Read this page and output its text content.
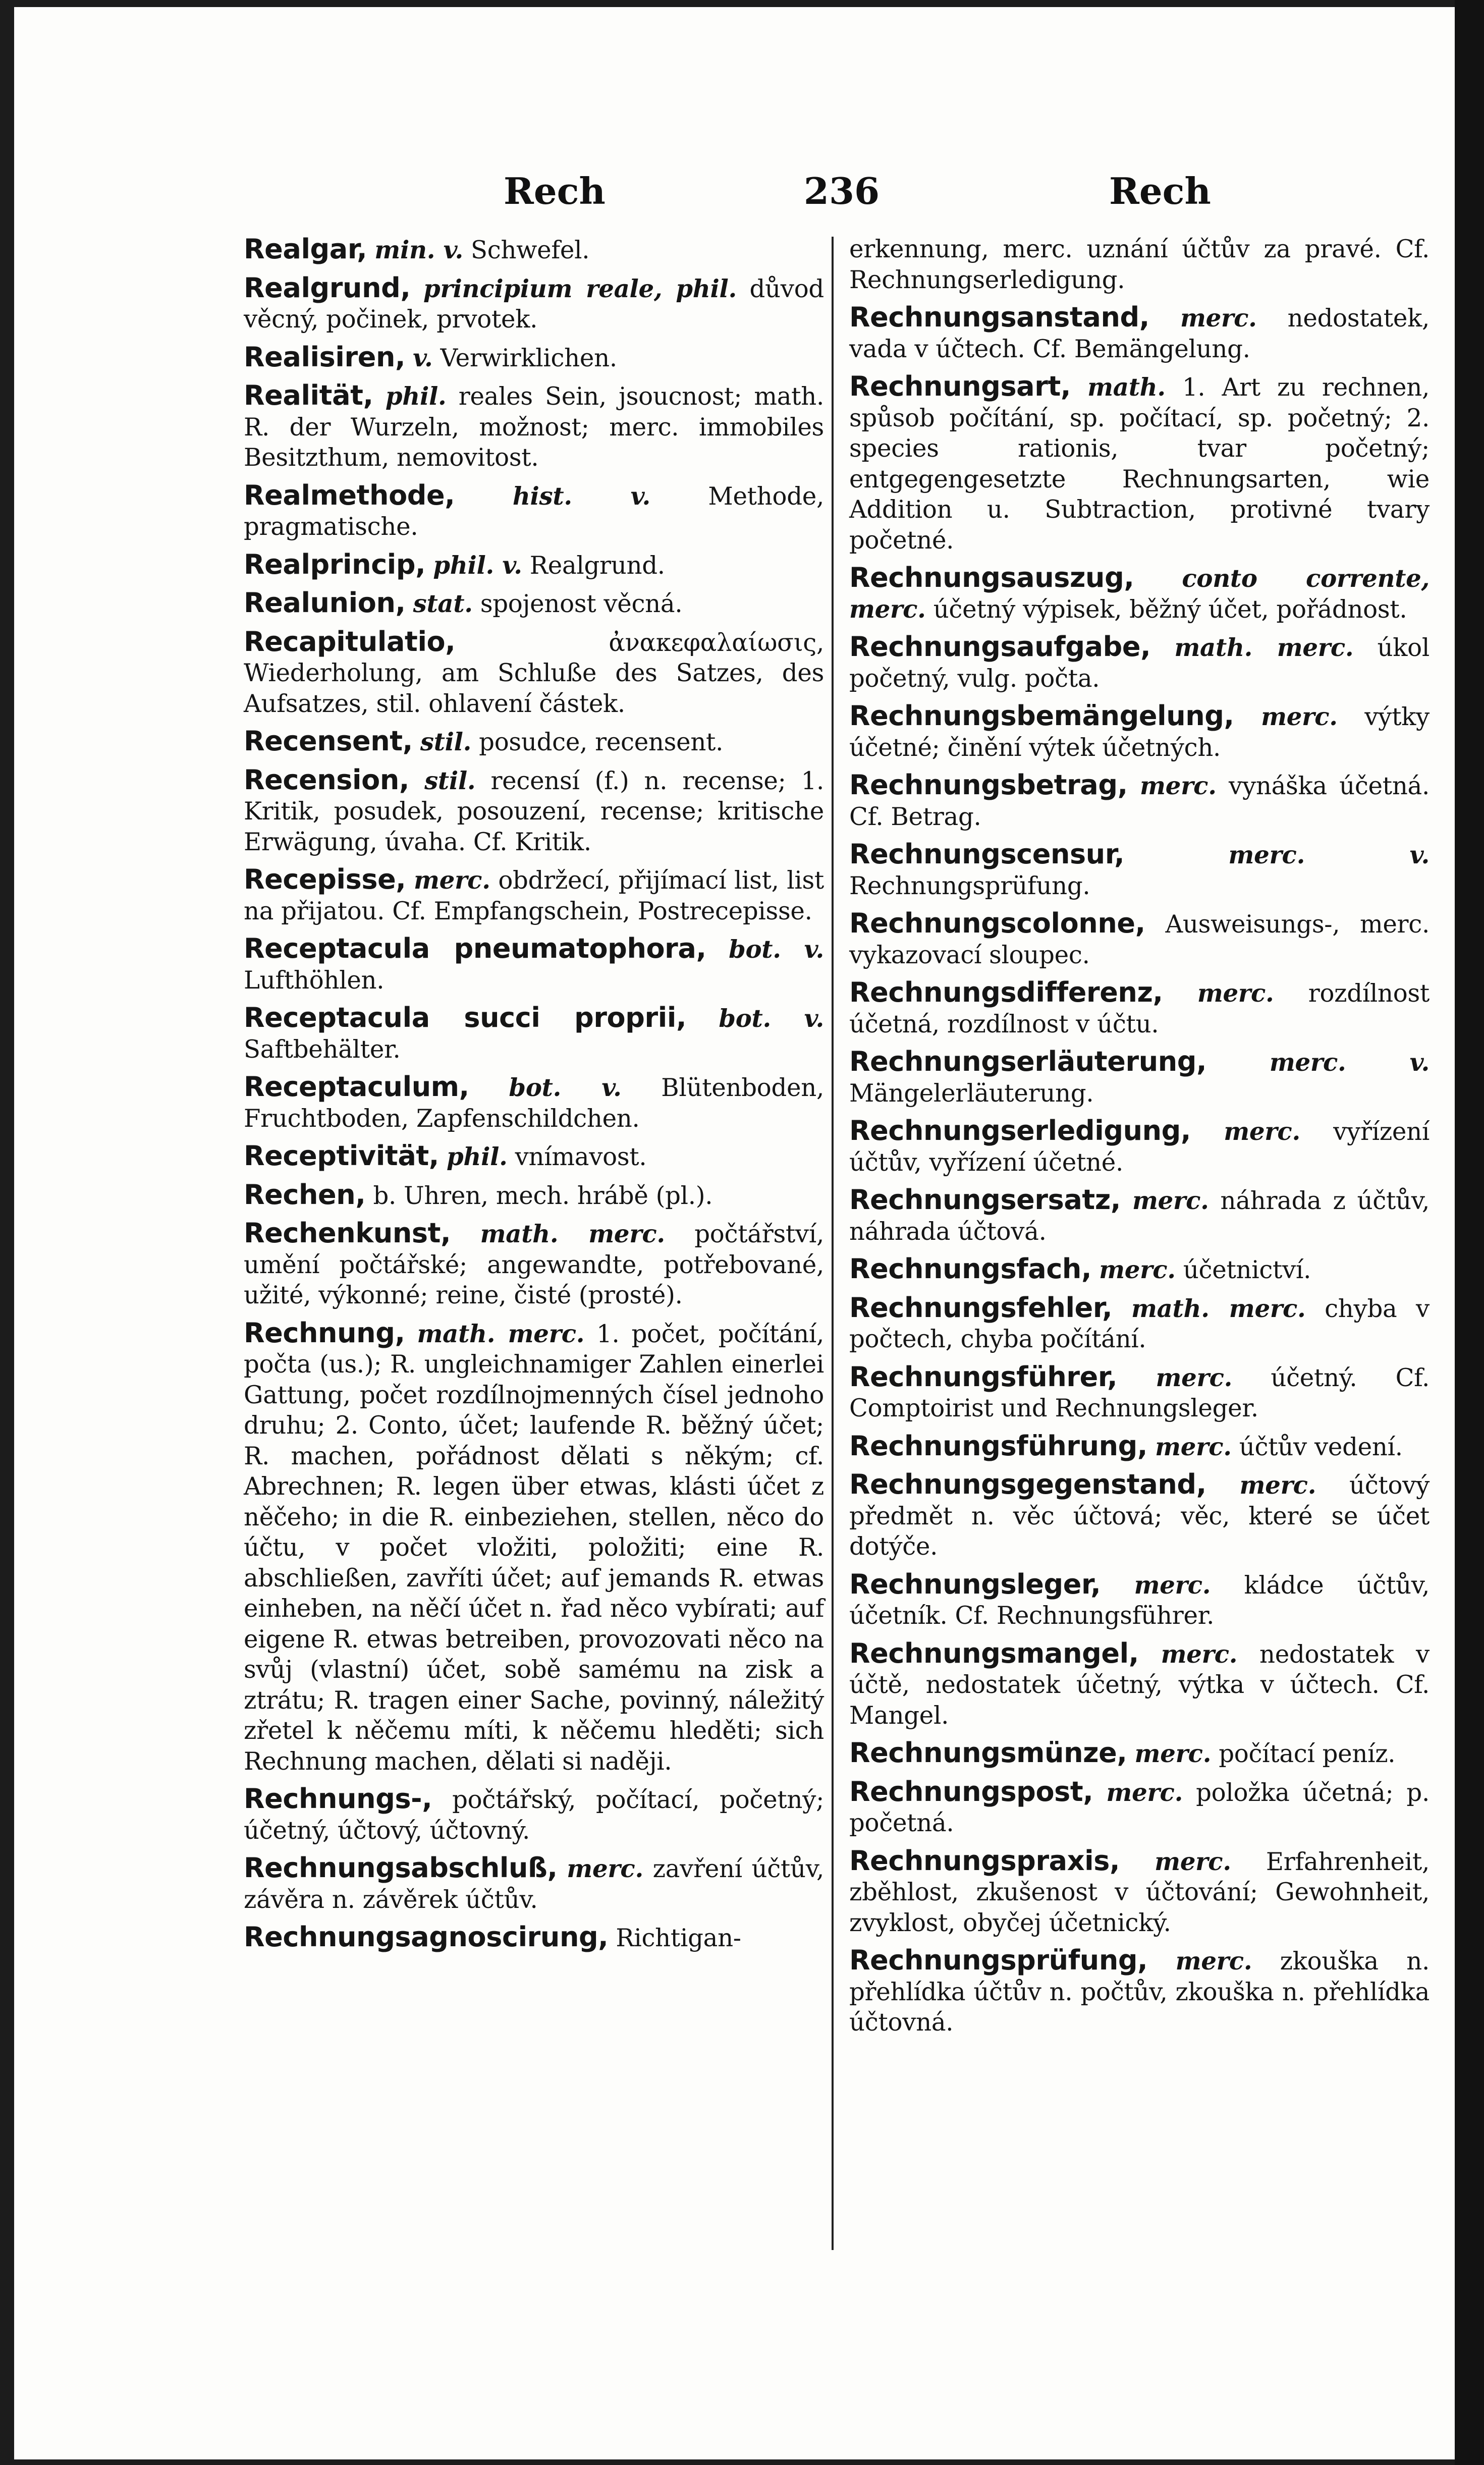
Rech	236	Rech
Realgar, min. v. Schwefel.
Realgrund, principium reale, phil. důvod věcný, počinek, prvotek.
Realisiren, v. Verwirklichen.
Realität, phil. reales Sein, jsoucnost; math. R. der Wurzeln, možnost; merc. immobiles Besitzthum, nemovitost.
Realmethode, hist. v. Methode, pragmatische.
Realprincip, phil. v. Realgrund.
Realunion, stat. spojenost věcná.
Recapitulatio,	ἀνακεφαλαίωσις, Wiederholung, am Schluße des Satzes, des Aufsatzes, stil. ohlavení částek.
Recensent, stil. posudce, recensent.
Recension, stil. recensí (f.) n. recense; 1. Kritik, posudek, posouzení, recense; kritische Erwägung, úvaha. Cf. Kritik.
Recepisse, merc. obdržecí, přijímací list, list na přijatou. Cf. Empfangschein, Postrecepisse.
Receptacula pneumatophora, bot. v. Lufthöhlen.
Receptacula succi proprii, bot. v. Saftbehälter.
Receptaculum, bot. v. Blütenboden, Fruchtboden, Zapfenschildchen.
Receptivität, phil. vnímavost.
Rechen, b. Uhren, mech. hrábě (pl.).
Rechenkunst, math. merc. počtářství, umění počtářské; angewandte, potřebované, užité, výkonné; reine, čisté (prosté).
Rechnung, math. merc. 1. počet, počítání, počta (us.); R. ungleichnamiger Zahlen einerlei Gattung, počet rozdílnojmenných čísel jednoho druhu; 2. Conto, účet; laufende R. běžný účet; R. machen, pořádnost dělati s někým; cf. Abrechnen; R. legen über etwas, klásti účet z něčeho; in die R. einbeziehen, stellen, něco do účtu, v počet vložiti, položiti; eine R. abschließen, zavříti účet; auf jemands R. etwas einheben, na něčí účet n. řad něco vybírati; auf eigene R. etwas betreiben, provozovati něco na svůj (vlastní) účet, sobě samému na zisk a ztrátu; R. tragen einer Sache, povinný, náležitý zřetel k něčemu míti, k něčemu hleděti; sich Rechnung machen, dělati si naději.
Rechnungs-, počtářský, počítací, početný; účetný, účtový, účtovný.
Rechnungsabschluß, merc. zavření účtův, závěra n. závěrek účtův.
Rechnungsagnoscirung, Richtigan-
erkennung, merc. uznání účtův za pravé. Cf. Rechnungserledigung.
Rechnungsanstand, merc. nedostatek, vada v účtech. Cf. Bemängelung.
Rechnungsart, math. 1. Art zu rechnen, spůsob počítání, sp. počítací, sp. početný; 2. species rationis, tvar početný; entgegengesetzte Rechnungsarten, wie Addition u. Subtraction, protivné tvary početné.
Rechnungsauszug, conto corrente, merc. účetný výpisek, běžný účet, pořádnost.
Rechnungsaufgabe, math. merc. úkol početný, vulg. počta.
Rechnungsbemängelung, merc. výtky účetné; činění výtek účetných.
Rechnungsbetrag, merc. vynáška účetná. Cf. Betrag.
Rechnungscensur,	merc. v. Rechnungsprüfung.
Rechnungscolonne, Ausweisungs-, merc. vykazovací sloupec.
Rechnungsdifferenz, merc. rozdílnost účetná, rozdílnost v účtu.
Rechnungserläuterung,	merc. v. Mängelerläuterung.
Rechnungserledigung, merc. vyřízení účtův, vyřízení účetné.
Rechnungsersatz, merc. náhrada z účtův, náhrada účtová.
Rechnungsfach, merc. účetnictví.
Rechnungsfehler, math. merc. chyba v počtech, chyba počítání.
Rechnungsführer, merc. účetný. Cf. Comptoirist und Rechnungsleger.
Rechnungsführung, merc. účtův vedení.
Rechnungsgegenstand, merc. účtový předmět n. věc účtová; věc, které se účet dotýče.
Rechnungsleger, merc. kládce účtův, účetník. Cf. Rechnungsführer.
Rechnungsmangel, merc. nedostatek v účtě, nedostatek účetný, výtka v účtech. Cf. Mangel.
Rechnungsmünze, merc. počítací peníz.
Rechnungspost, merc. položka účetná; p. početná.
Rechnungspraxis, merc. Erfahrenheit, zběhlost, zkušenost v účtování; Gewohnheit, zvyklost, obyčej účetnický.
Rechnungsprüfung, merc. zkouška n. přehlídka účtův n. počtův, zkouška n. přehlídka účtovná.
